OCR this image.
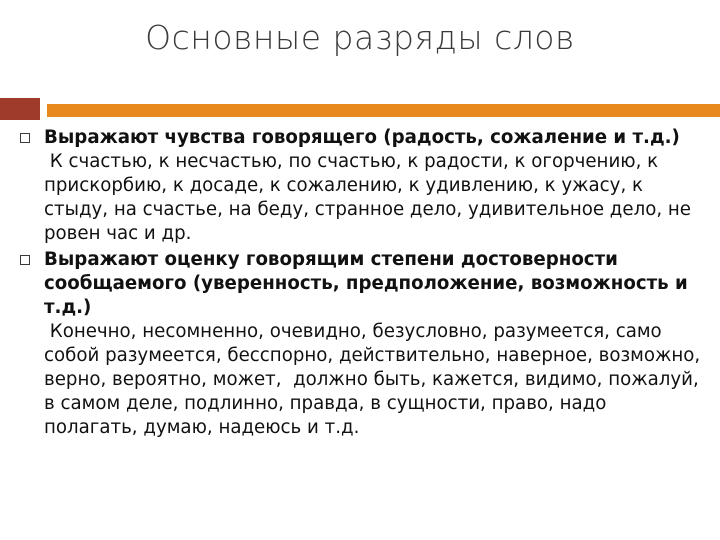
Основные разряды слов
Выражают чувства говорящего (радость, сожаление и т.д.)
К счастью, к несчастью, по счастью, к радости, к огорчению, к прискорбию, к досаде, к сожалению, к удивлению, к ужасу, к стыду, на счастье, на беду, странное дело, удивительное дело, не ровен час и др.
Выражают оценку говорящим степени достоверности сообщаемого (уверенность, предположение, возможность и т.д.)
Конечно, несомненно, очевидно, безусловно, разумеется, само собой разумеется, бесспорно, действительно, наверное, возможно, верно, вероятно, может,  должно быть, кажется, видимо, пожалуй, в самом деле, подлинно, правда, в сущности, право, надо полагать, думаю, надеюсь и т.д.
